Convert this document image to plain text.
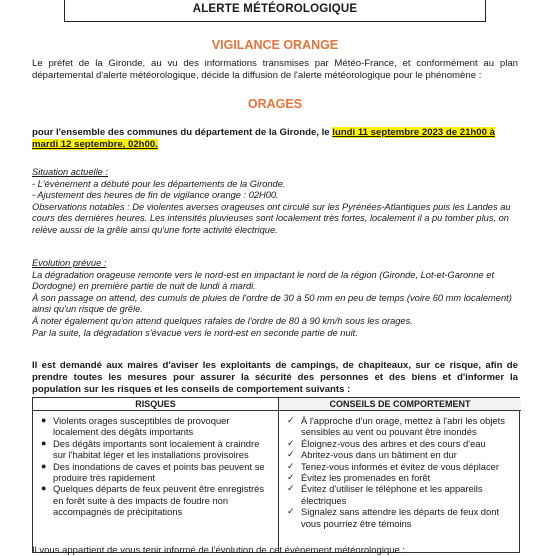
ALERTE MÉTÉOROLOGIQUE
VIGILANCE ORANGE

Le préfet de la Gironde, au vu des informations transmises par Météo-France, et conformément au plan départemental d'alerte météorologique, décide la diffusion de l'alerte météorologique pour le phénomène :

ORAGES

pour l'ensemble des communes du département de la Gironde, le lundi 11 septembre 2023 de 21h00 à mardi 12 septembre, 02h00.

Situation actuelle :
- L'évènement a débuté pour les départements de la Gironde.
- Ajustement des heures de fin de vigilance orange : 02H00.
Observations notables : De violentes averses orageuses ont circulé sur les Pyrénées-Atlantiques puis les Landes au cours des dernières heures. Les intensités pluvieuses sont localement très fortes, localement il a pu tomber plus, on relève aussi de la grêle ainsi qu'une forte activité électrique.
Evolution prévue :
La dégradation orageuse remonte vers le nord-est en impactant le nord de la région (Gironde, Lot-et-Garonne et Dordogne) en première partie de nuit de lundi à mardi.
À son passage on attend, des cumuls de pluies de l'ordre de 30 à 50 mm en peu de temps (voire 60 mm localement) ainsi qu'un risque de grêle.
À noter également qu'on attend quelques rafales de l'ordre de 80 à 90 km/h sous les orages.
Par la suite, la dégradation s'évacue vers le nord-est en seconde partie de nuit.

Il est demandé aux maires d'aviser les exploitants de campings, de chapiteaux, sur ce risque, afin de prendre toutes les mesures pour assurer la sécurité des personnes et des biens et d'informer la population sur les risques et les conseils de comportement suivants :

RISQUES
● Violents orages susceptibles de provoquer localement des dégâts importants
● Des dégâts importants sont localement à craindre sur l'habitat léger et les installations provisoires
● Des inondations de caves et points bas peuvent se produire très rapidement
● Quelques départs de feux peuvent être enregistrés en forêt suite à des impacts de foudre non accompagnés de précipitations
CONSEILS DE COMPORTEMENT
✓ À l'approche d'un orage, mettez à l'abri les objets sensibles au vent ou pouvant être inondés
✓ Éloignez-vous des arbres et des cours d'eau
✓ Abritez-vous dans un bâtiment en dur
✓ Tenez-vous informés et évitez de vous déplacer
✓ Évitez les promenades en forêt
✓ Évitez d'utiliser le téléphone et les appareils électriques
✓ Signalez sans attendre les départs de feux dont vous pourriez être témoins
Il vous appartient de vous tenir informé de l'évolution de cet évènement météorologique :
